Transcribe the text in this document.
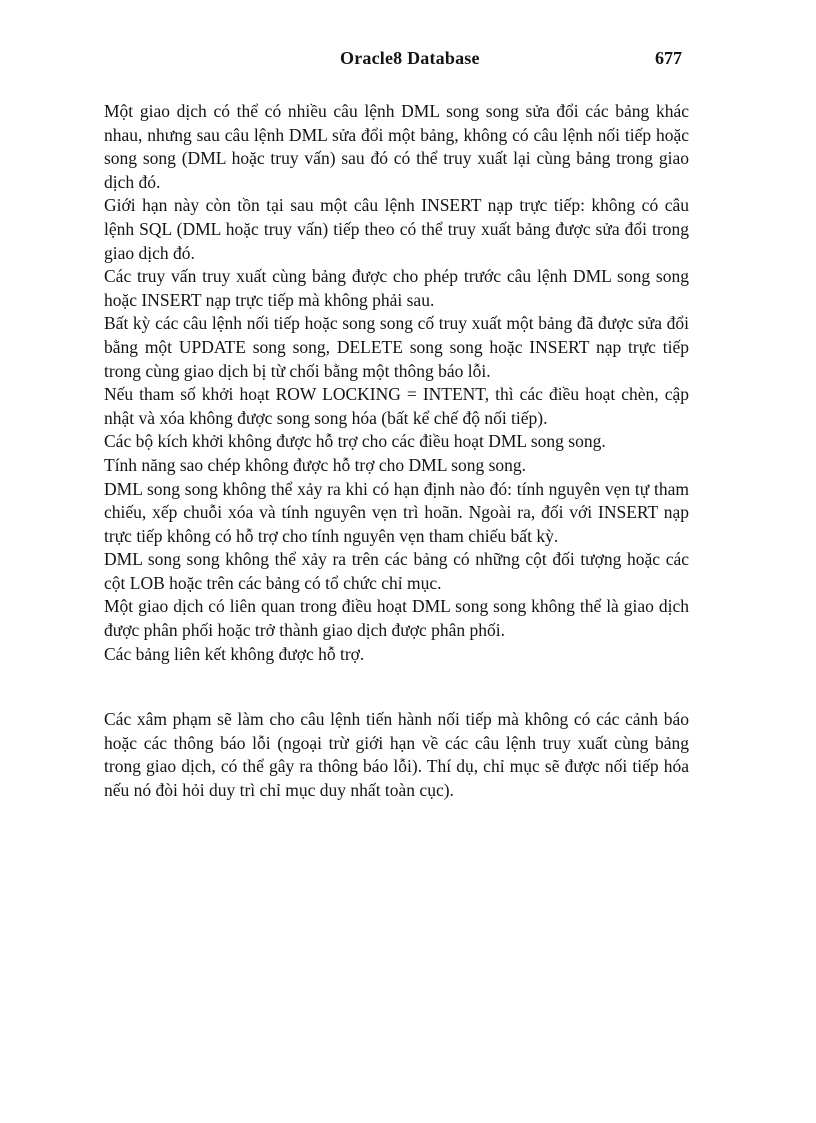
Oracle8 Database	677

Một giao dịch có thể có nhiều câu lệnh DML song song sửa đổi các bảng khác nhau, nhưng sau câu lệnh DML sửa đổi một bảng, không có câu lệnh nối tiếp hoặc song song (DML hoặc truy vấn) sau đó có thể truy xuất lại cùng bảng trong giao dịch đó.

Giới hạn này còn tồn tại sau một câu lệnh INSERT nạp trực tiếp: không có câu lệnh SQL (DML hoặc truy vấn) tiếp theo có thể truy xuất bảng được sửa đổi trong giao dịch đó.

Các truy vấn truy xuất cùng bảng được cho phép trước câu lệnh DML song song hoặc INSERT nạp trực tiếp mà không phải sau.

Bất kỳ các câu lệnh nối tiếp hoặc song song cố truy xuất một bảng đã được sửa đổi bằng một UPDATE song song, DELETE song song hoặc INSERT nạp trực tiếp trong cùng giao dịch bị từ chối bằng một thông báo lỗi.

Nếu tham số khởi hoạt ROW LOCKING = INTENT, thì các điều hoạt chèn, cập nhật và xóa không được song song hóa (bất kể chế độ nối tiếp).

Các bộ kích khởi không được hỗ trợ cho các điều hoạt DML song song.

Tính năng sao chép không được hỗ trợ cho DML song song.

DML song song không thể xảy ra khi có hạn định nào đó: tính nguyên vẹn tự tham chiếu, xếp chuỗi xóa và tính nguyên vẹn trì hoãn. Ngoài ra, đối với INSERT nạp trực tiếp không có hỗ trợ cho tính nguyên vẹn tham chiếu bất kỳ.

DML song song không thể xảy ra trên các bảng có những cột đối tượng hoặc các cột LOB hoặc trên các bảng có tổ chức chỉ mục.

Một giao dịch có liên quan trong điều hoạt DML song song không thể là giao dịch được phân phối hoặc trở thành giao dịch được phân phối.

Các bảng liên kết không được hỗ trợ.

Các xâm phạm sẽ làm cho câu lệnh tiến hành nối tiếp mà không có các cảnh báo hoặc các thông báo lỗi (ngoại trừ giới hạn về các câu lệnh truy xuất cùng bảng trong giao dịch, có thể gây ra thông báo lỗi). Thí dụ, chỉ mục sẽ được nối tiếp hóa nếu nó đòi hỏi duy trì chỉ mục duy nhất toàn cục).
